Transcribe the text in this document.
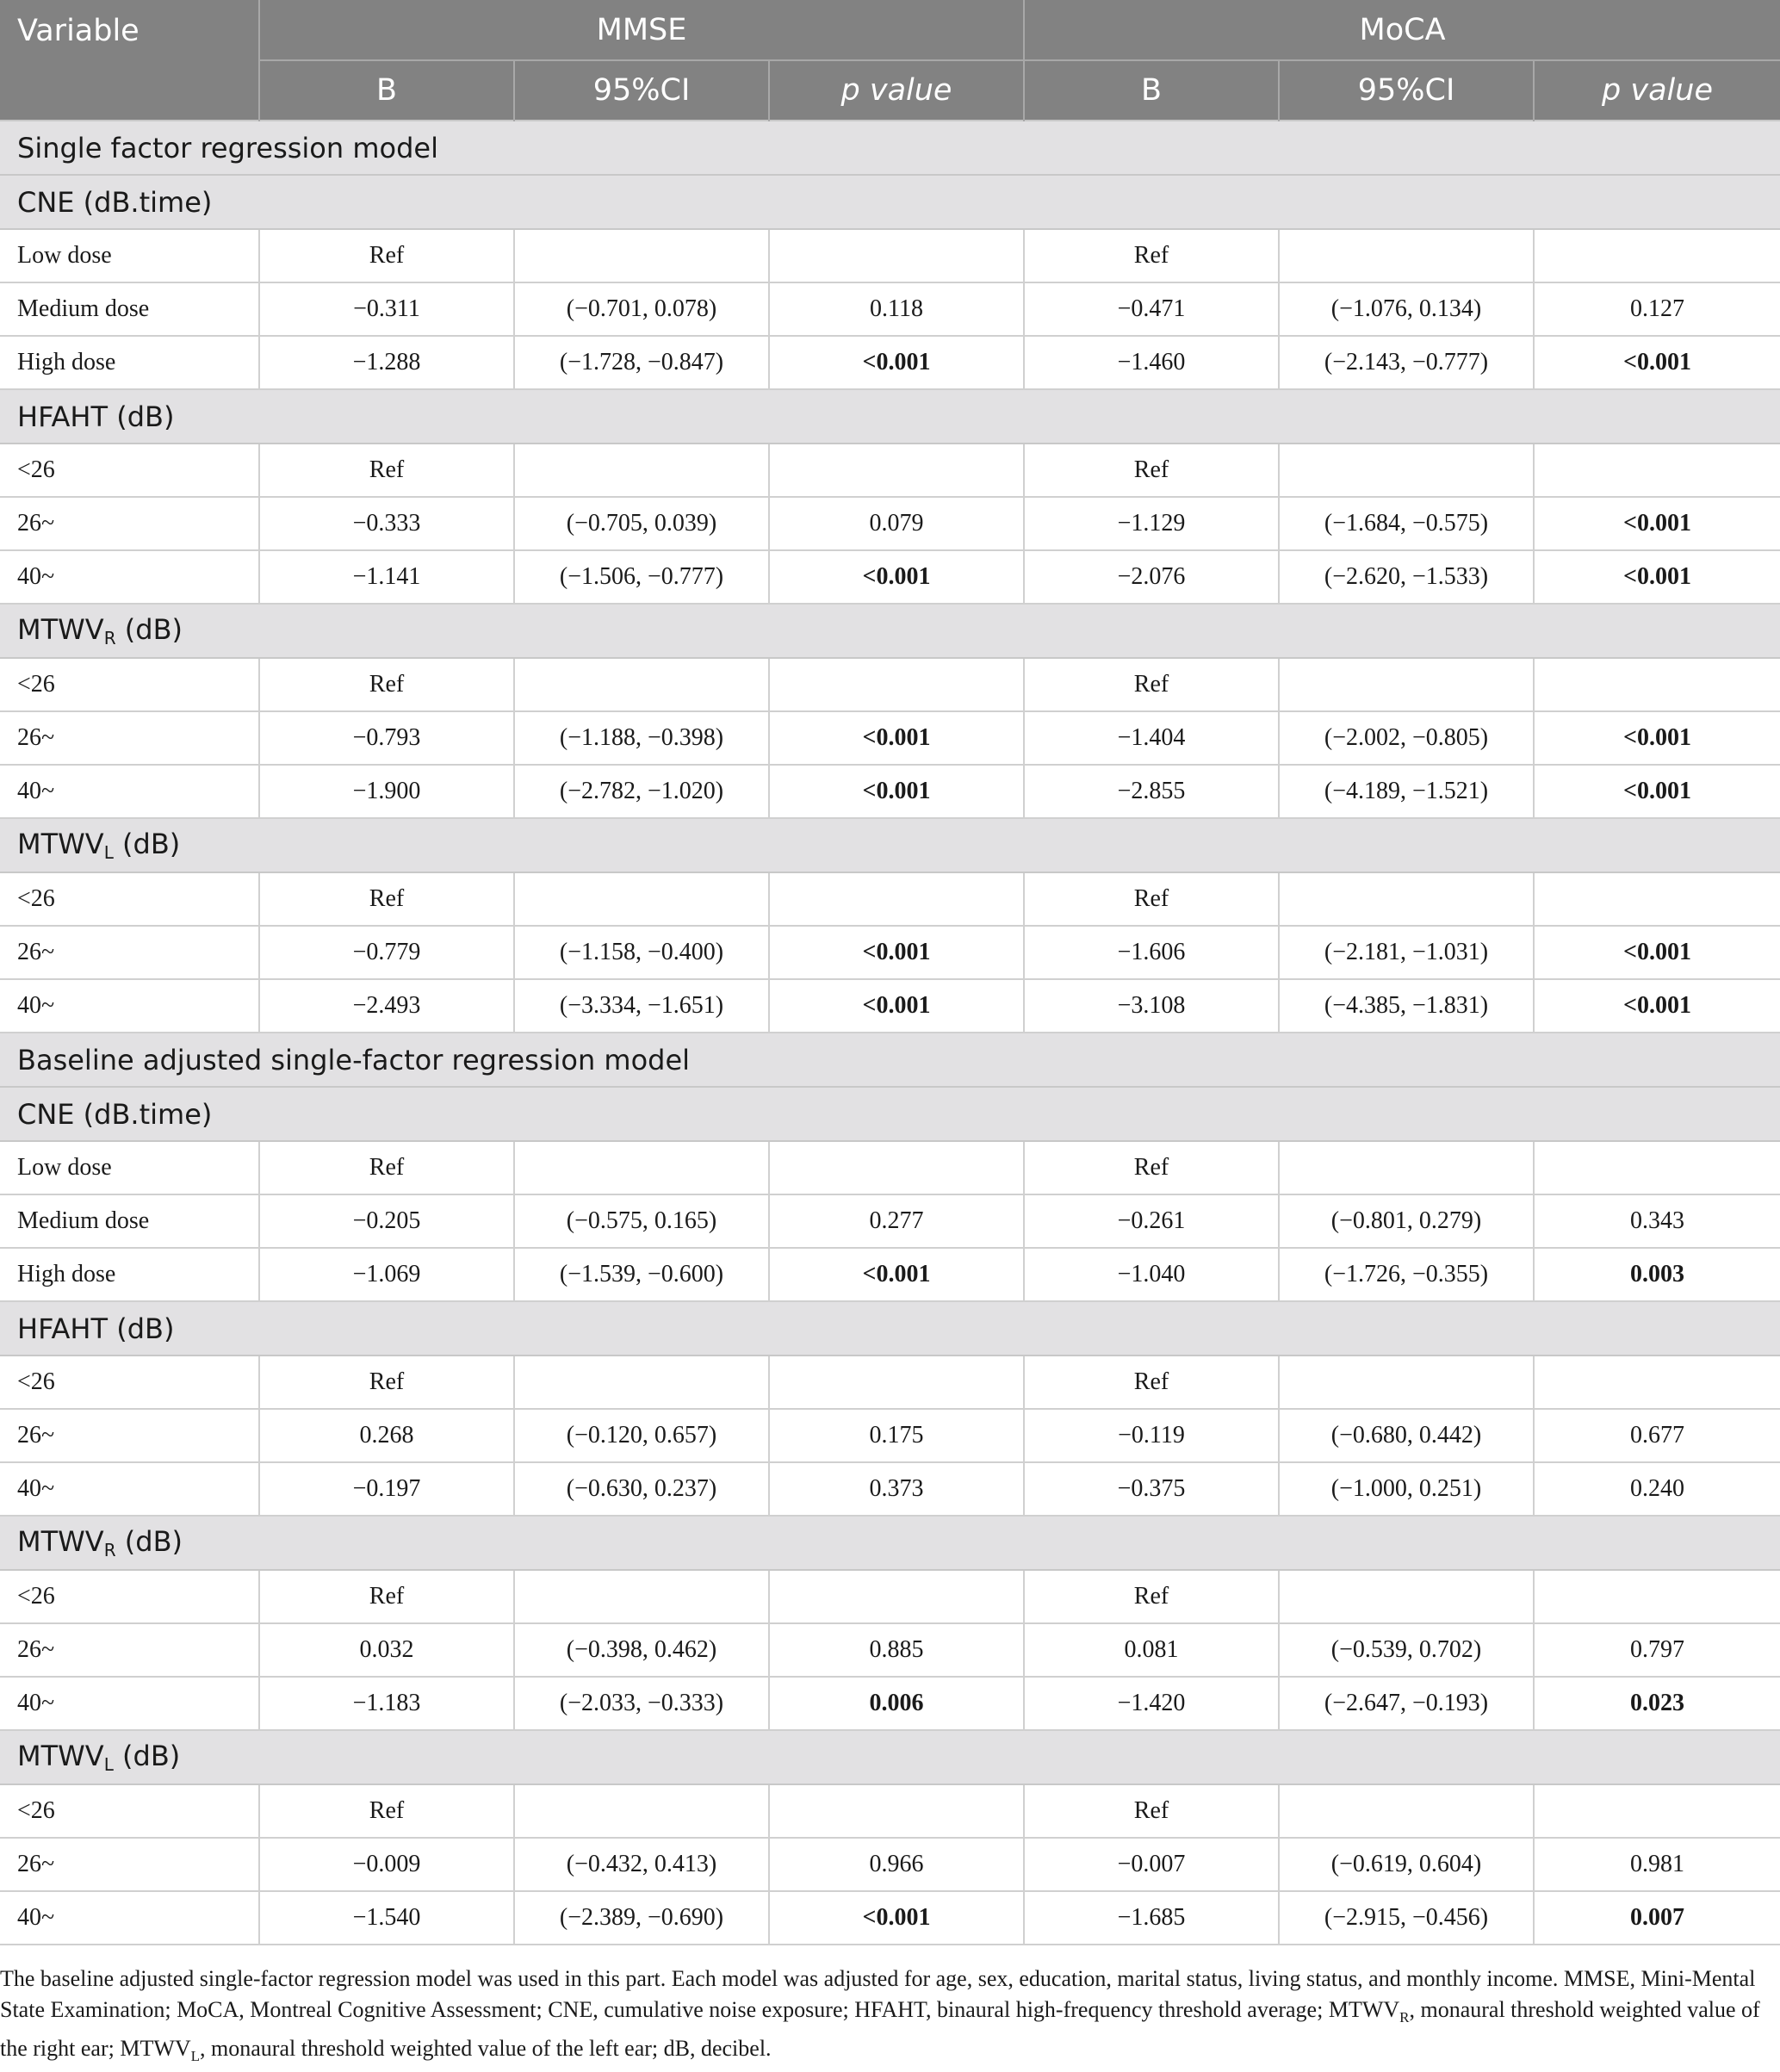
Variable	MMSE			MoCA		
	B	95%CI	p value	B	95%CI	p value
Single factor regression model						
CNE (dB.time)						
Low dose	Ref			Ref		
Medium dose	−0.311	(−0.701, 0.078)	0.118	−0.471	(−1.076, 0.134)	0.127
High dose	−1.288	(−1.728, −0.847)	<0.001	−1.460	(−2.143, −0.777)	<0.001
HFAHT (dB)						
<26	Ref			Ref		
26~	−0.333	(−0.705, 0.039)	0.079	−1.129	(−1.684, −0.575)	<0.001
40~	−1.141	(−1.506, −0.777)	<0.001	−2.076	(−2.620, −1.533)	<0.001
$MTWV_R$ (dB)						
<26	Ref			Ref		
26~	−0.793	(−1.188, −0.398)	<0.001	−1.404	(−2.002, −0.805)	<0.001
40~	−1.900	(−2.782, −1.020)	<0.001	−2.855	(−4.189, −1.521)	<0.001
$MTWV_L$ (dB)						
<26	Ref			Ref		
26~	−0.779	(−1.158, −0.400)	<0.001	−1.606	(−2.181, −1.031)	<0.001
40~	−2.493	(−3.334, −1.651)	<0.001	−3.108	(−4.385, −1.831)	<0.001
Baseline adjusted single-factor regression model						
CNE (dB.time)						
Low dose	Ref			Ref		
Medium dose	−0.205	(−0.575, 0.165)	0.277	−0.261	(−0.801, 0.279)	0.343
High dose	−1.069	(−1.539, −0.600)	<0.001	−1.040	(−1.726, −0.355)	0.003
HFAHT (dB)						
<26	Ref			Ref		
26~	0.268	(−0.120, 0.657)	0.175	−0.119	(−0.680, 0.442)	0.677
40~	−0.197	(−0.630, 0.237)	0.373	−0.375	(−1.000, 0.251)	0.240
$MTWV_R$ (dB)						
<26	Ref			Ref		
26~	0.032	(−0.398, 0.462)	0.885	0.081	(−0.539, 0.702)	0.797
40~	−1.183	(−2.033, −0.333)	0.006	−1.420	(−2.647, −0.193)	0.023
$MTWV_L$ (dB)						
<26	Ref			Ref		
26~	−0.009	(−0.432, 0.413)	0.966	−0.007	(−0.619, 0.604)	0.981
40~	−1.540	(−2.389, −0.690)	<0.001	−1.685	(−2.915, −0.456)	0.007
The baseline adjusted single-factor regression model was used in this part. Each model was adjusted for age, sex, education, marital status, living status, and monthly income. MMSE, Mini-Mental State Examination; MoCA, Montreal Cognitive Assessment; CNE, cumulative noise exposure; HFAHT, binaural high-frequency threshold average; $MTWV_R$, monaural threshold weighted value of the right ear; $MTWV_L$, monaural threshold weighted value of the left ear; dB, decibel.
